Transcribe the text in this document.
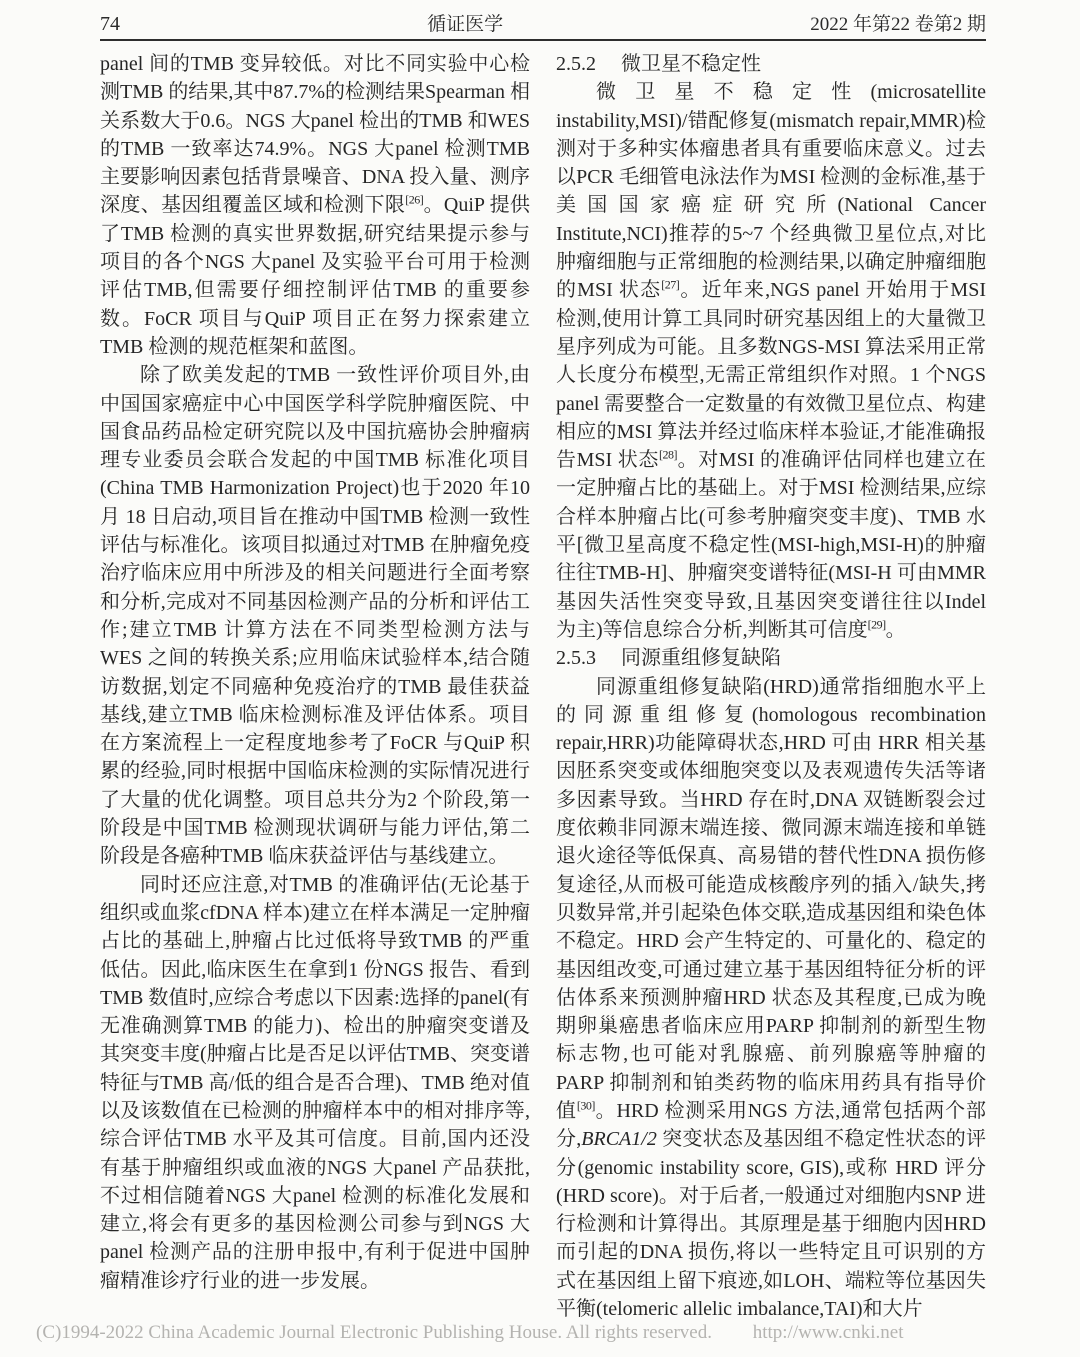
74	循证医学	2022 年第22 卷第2 期

panel 间的TMB 变异较低。对比不同实验中心检测TMB 的结果,其中87.7%的检测结果Spearman 相关系数大于0.6。NGS 大panel 检出的TMB 和WES 的TMB 一致率达74.9%。NGS 大panel 检测TMB 主要影响因素包括背景噪音、DNA 投入量、测序深度、基因组覆盖区域和检测下限[26]。QuiP 提供了TMB 检测的真实世界数据,研究结果提示参与项目的各个NGS 大panel 及实验平台可用于检测评估TMB,但需要仔细控制评估TMB 的重要参数。FoCR 项目与QuiP 项目正在努力探索建立TMB 检测的规范框架和蓝图。

除了欧美发起的TMB 一致性评价项目外,由中国国家癌症中心中国医学科学院肿瘤医院、中国食品药品检定研究院以及中国抗癌协会肿瘤病理专业委员会联合发起的中国TMB 标准化项目(China TMB Harmonization Project)也于2020 年10 月 18 日启动,项目旨在推动中国TMB 检测一致性评估与标准化。该项目拟通过对TMB 在肿瘤免疫治疗临床应用中所涉及的相关问题进行全面考察和分析,完成对不同基因检测产品的分析和评估工作;建立TMB 计算方法在不同类型检测方法与WES 之间的转换关系;应用临床试验样本,结合随访数据,划定不同癌种免疫治疗的TMB 最佳获益基线,建立TMB 临床检测标准及评估体系。项目在方案流程上一定程度地参考了FoCR 与QuiP 积累的经验,同时根据中国临床检测的实际情况进行了大量的优化调整。项目总共分为2 个阶段,第一阶段是中国TMB 检测现状调研与能力评估,第二阶段是各癌种TMB 临床获益评估与基线建立。

同时还应注意,对TMB 的准确评估(无论基于组织或血浆cfDNA 样本)建立在样本满足一定肿瘤占比的基础上,肿瘤占比过低将导致TMB 的严重低估。因此,临床医生在拿到1 份NGS 报告、看到TMB 数值时,应综合考虑以下因素:选择的panel(有无准确测算TMB 的能力)、检出的肿瘤突变谱及其突变丰度(肿瘤占比是否足以评估TMB、突变谱特征与TMB 高/低的组合是否合理)、TMB 绝对值以及该数值在已检测的肿瘤样本中的相对排序等,综合评估TMB 水平及其可信度。目前,国内还没有基于肿瘤组织或血液的NGS 大panel 产品获批,不过相信随着NGS 大panel 检测的标准化发展和建立,将会有更多的基因检测公司参与到NGS 大panel 检测产品的注册申报中,有利于促进中国肿瘤精准诊疗行业的进一步发展。

2.5.2 微卫星不稳定性

微卫星不稳定性(microsatellite instability,MSI)/错配修复(mismatch repair,MMR)检测对于多种实体瘤患者具有重要临床意义。过去以PCR 毛细管电泳法作为MSI 检测的金标准,基于美国国家癌症研究所(National Cancer Institute,NCI)推荐的5~7 个经典微卫星位点,对比肿瘤细胞与正常细胞的检测结果,以确定肿瘤细胞的MSI 状态[27]。近年来,NGS panel 开始用于MSI 检测,使用计算工具同时研究基因组上的大量微卫星序列成为可能。且多数NGS-MSI 算法采用正常人长度分布模型,无需正常组织作对照。1 个NGS panel 需要整合一定数量的有效微卫星位点、构建相应的MSI 算法并经过临床样本验证,才能准确报告MSI 状态[28]。对MSI 的准确评估同样也建立在一定肿瘤占比的基础上。对于MSI 检测结果,应综合样本肿瘤占比(可参考肿瘤突变丰度)、TMB 水平[微卫星高度不稳定性(MSI-high,MSI-H)的肿瘤往往TMB-H]、肿瘤突变谱特征(MSI-H 可由MMR 基因失活性突变导致,且基因突变谱往往以Indel 为主)等信息综合分析,判断其可信度[29]。

2.5.3 同源重组修复缺陷

同源重组修复缺陷(HRD)通常指细胞水平上的同源重组修复(homologous recombination repair,HRR)功能障碍状态,HRD 可由 HRR 相关基因胚系突变或体细胞突变以及表观遗传失活等诸多因素导致。当HRD 存在时,DNA 双链断裂会过度依赖非同源末端连接、微同源末端连接和单链退火途径等低保真、高易错的替代性DNA 损伤修复途径,从而极可能造成核酸序列的插入/缺失,拷贝数异常,并引起染色体交联,造成基因组和染色体不稳定。HRD 会产生特定的、可量化的、稳定的基因组改变,可通过建立基于基因组特征分析的评估体系来预测肿瘤HRD 状态及其程度,已成为晚期卵巢癌患者临床应用PARP 抑制剂的新型生物标志物,也可能对乳腺癌、前列腺癌等肿瘤的PARP 抑制剂和铂类药物的临床用药具有指导价值[30]。HRD 检测采用NGS 方法,通常包括两个部分,BRCA1/2 突变状态及基因组不稳定性状态的评分(genomic instability score, GIS),或称 HRD 评分(HRD score)。对于后者,一般通过对细胞内SNP 进行检测和计算得出。其原理是基于细胞内因HRD 而引起的DNA 损伤,将以一些特定且可识别的方式在基因组上留下痕迹,如LOH、端粒等位基因失平衡(telomeric allelic imbalance,TAI)和大片

(C)1994-2022 China Academic Journal Electronic Publishing House. All rights reserved. http://www.cnki.net
